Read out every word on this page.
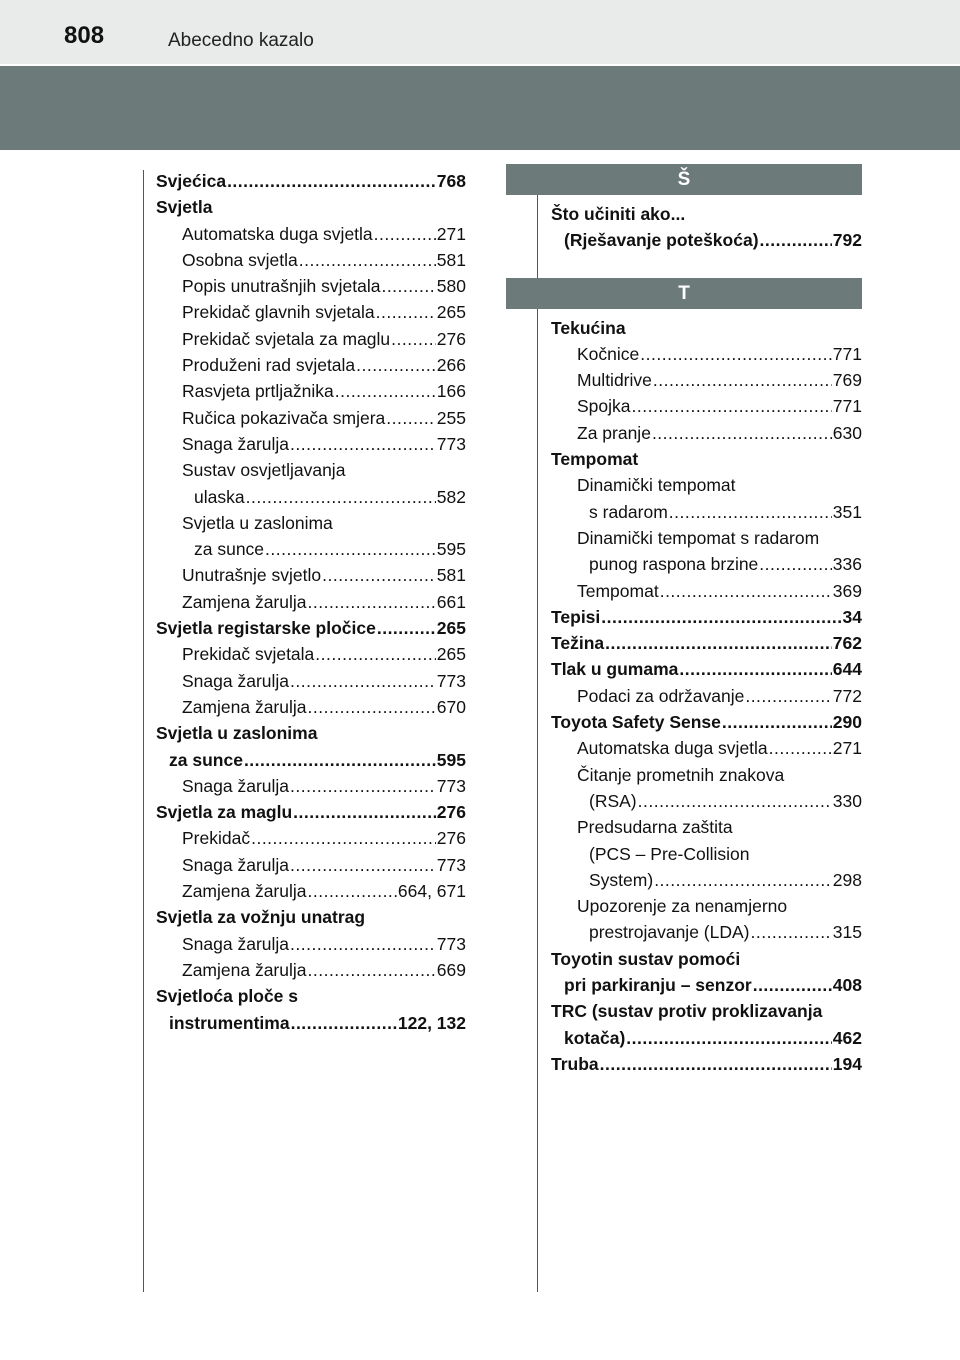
808	Abecedno kazalo
Svjećica .....	768
Svjetla
Automatska duga svjetla .....	271
Osobna svjetla .....	581
Popis unutrašnjih svjetala .....	580
Prekidač glavnih svjetala .....	265
Prekidač svjetala za maglu .....	276
Produženi rad svjetala .....	266
Rasvjeta prtljažnika .....	166
Ručica pokazivača smjera .....	255
Snaga žarulja .....	773
Sustav osvjetljavanja
ulaska .....	582
Svjetla u zaslonima
za sunce .....	595
Unutrašnje svjetlo .....	581
Zamjena žarulja .....	661
Svjetla registarske pločice .....	265
Prekidač svjetala .....	265
Snaga žarulja .....	773
Zamjena žarulja .....	670
Svjetla u zaslonima
za sunce .....	595
Snaga žarulja .....	773
Svjetla za maglu .....	276
Prekidač .....	276
Snaga žarulja .....	773
Zamjena žarulja .....	664, 671
Svjetla za vožnju unatrag
Snaga žarulja .....	773
Zamjena žarulja .....	669
Svjetloća ploče s
instrumentima .....	122, 132
Š
Što učiniti ako...
(Rješavanje poteškoća) .....	792
T
Tekućina
Kočnice .....	771
Multidrive .....	769
Spojka .....	771
Za pranje .....	630
Tempomat
Dinamički tempomat
s radarom .....	351
Dinamički tempomat s radarom
punog raspona brzine .....	336
Tempomat .....	369
Tepisi .....	34
Težina .....	762
Tlak u gumama .....	644
Podaci za održavanje .....	772
Toyota Safety Sense .....	290
Automatska duga svjetla .....	271
Čitanje prometnih znakova
(RSA) .....	330
Predsudarna zaštita
(PCS – Pre-Collision
System) .....	298
Upozorenje za nenamjerno
prestrojavanje (LDA) .....	315
Toyotin sustav pomoći
pri parkiranju – senzor .....	408
TRC (sustav protiv proklizavanja
kotača) .....	462
Truba .....	194
